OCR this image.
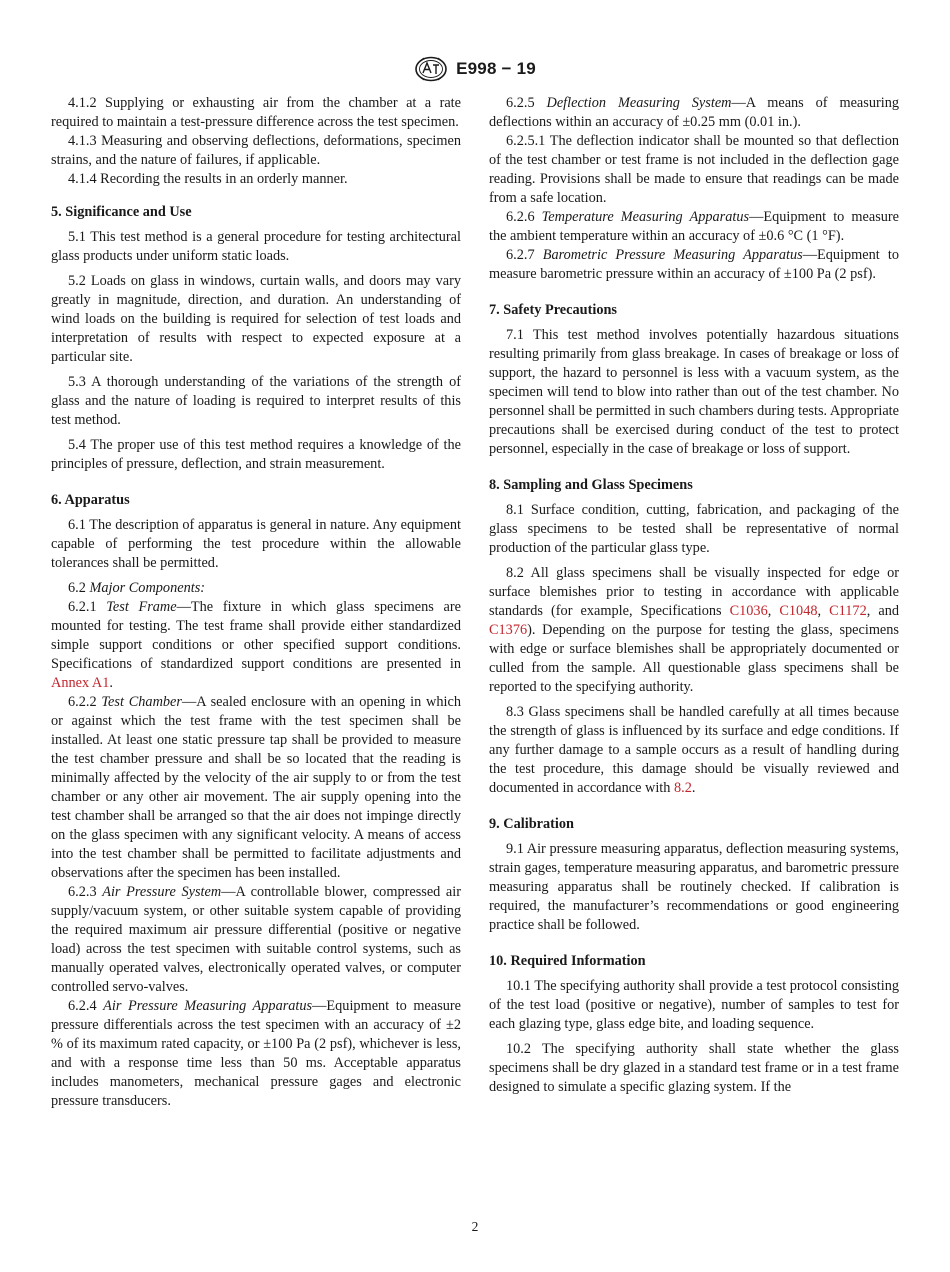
E998 − 19

4.1.2 Supplying or exhausting air from the chamber at a rate required to maintain a test-pressure difference across the test specimen.

4.1.3 Measuring and observing deflections, deformations, specimen strains, and the nature of failures, if applicable.

4.1.4 Recording the results in an orderly manner.

5. Significance and Use

5.1 This test method is a general procedure for testing architectural glass products under uniform static loads.

5.2 Loads on glass in windows, curtain walls, and doors may vary greatly in magnitude, direction, and duration. An understanding of wind loads on the building is required for selection of test loads and interpretation of results with respect to expected exposure at a particular site.

5.3 A thorough understanding of the variations of the strength of glass and the nature of loading is required to interpret results of this test method.

5.4 The proper use of this test method requires a knowledge of the principles of pressure, deflection, and strain measurement.

6. Apparatus

6.1 The description of apparatus is general in nature. Any equipment capable of performing the test procedure within the allowable tolerances shall be permitted.

6.2 Major Components:

6.2.1 Test Frame—The fixture in which glass specimens are mounted for testing. The test frame shall provide either standardized simple support conditions or other specified support conditions. Specifications of standardized support conditions are presented in Annex A1.

6.2.2 Test Chamber—A sealed enclosure with an opening in which or against which the test frame with the test specimen shall be installed. At least one static pressure tap shall be provided to measure the test chamber pressure and shall be so located that the reading is minimally affected by the velocity of the air supply to or from the test chamber or any other air movement. The air supply opening into the test chamber shall be arranged so that the air does not impinge directly on the glass specimen with any significant velocity. A means of access into the test chamber shall be permitted to facilitate adjustments and observations after the specimen has been installed.

6.2.3 Air Pressure System—A controllable blower, compressed air supply/vacuum system, or other suitable system capable of providing the required maximum air pressure differential (positive or negative load) across the test specimen with suitable control systems, such as manually operated valves, electronically operated valves, or computer controlled servo-valves.

6.2.4 Air Pressure Measuring Apparatus—Equipment to measure pressure differentials across the test specimen with an accuracy of ±2 % of its maximum rated capacity, or ±100 Pa (2 psf), whichever is less, and with a response time less than 50 ms. Acceptable apparatus includes manometers, mechanical pressure gages and electronic pressure transducers.

6.2.5 Deflection Measuring System—A means of measuring deflections within an accuracy of ±0.25 mm (0.01 in.).

6.2.5.1 The deflection indicator shall be mounted so that deflection of the test chamber or test frame is not included in the deflection gage reading. Provisions shall be made to ensure that readings can be made from a safe location.

6.2.6 Temperature Measuring Apparatus—Equipment to measure the ambient temperature within an accuracy of ±0.6 °C (1 °F).

6.2.7 Barometric Pressure Measuring Apparatus—Equipment to measure barometric pressure within an accuracy of ±100 Pa (2 psf).

7. Safety Precautions

7.1 This test method involves potentially hazardous situations resulting primarily from glass breakage. In cases of breakage or loss of support, the hazard to personnel is less with a vacuum system, as the specimen will tend to blow into rather than out of the test chamber. No personnel shall be permitted in such chambers during tests. Appropriate precautions shall be exercised during conduct of the test to protect personnel, especially in the case of breakage or loss of support.

8. Sampling and Glass Specimens

8.1 Surface condition, cutting, fabrication, and packaging of the glass specimens to be tested shall be representative of normal production of the particular glass type.

8.2 All glass specimens shall be visually inspected for edge or surface blemishes prior to testing in accordance with applicable standards (for example, Specifications C1036, C1048, C1172, and C1376). Depending on the purpose for testing the glass, specimens with edge or surface blemishes shall be appropriately documented or culled from the sample. All questionable glass specimens shall be reported to the specifying authority.

8.3 Glass specimens shall be handled carefully at all times because the strength of glass is influenced by its surface and edge conditions. If any further damage to a sample occurs as a result of handling during the test procedure, this damage should be visually reviewed and documented in accordance with 8.2.

9. Calibration

9.1 Air pressure measuring apparatus, deflection measuring systems, strain gages, temperature measuring apparatus, and barometric pressure measuring apparatus shall be routinely checked. If calibration is required, the manufacturer’s recommendations or good engineering practice shall be followed.

10. Required Information

10.1 The specifying authority shall provide a test protocol consisting of the test load (positive or negative), number of samples to test for each glazing type, glass edge bite, and loading sequence.

10.2 The specifying authority shall state whether the glass specimens shall be dry glazed in a standard test frame or in a test frame designed to simulate a specific glazing system. If the

2
